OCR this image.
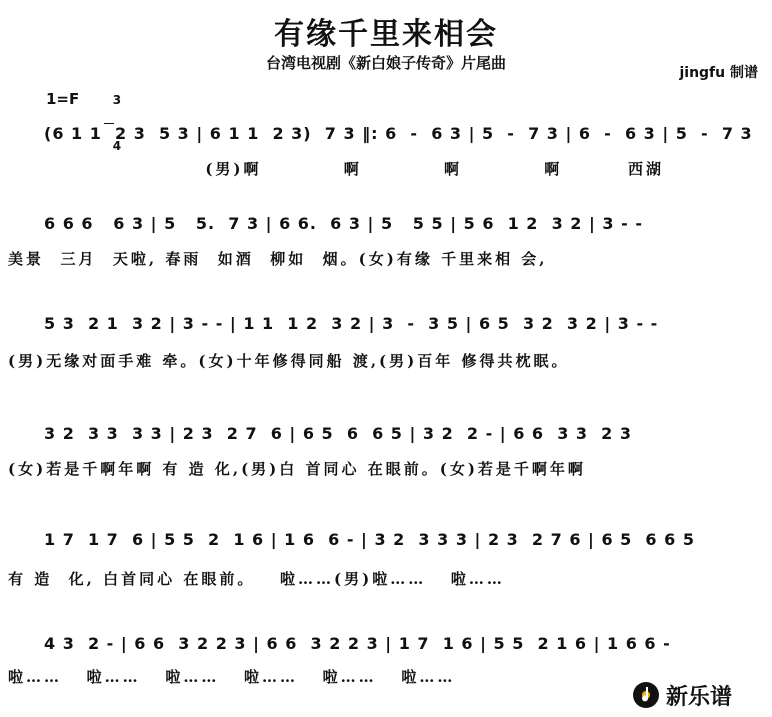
有缘千里来相会
台湾电视剧《新白娘子传奇》片尾曲
jingfu 制谱
1=F	3

4

(6 1 1  2 3  5 3 | 6 1 1  2 3)  7 3 ‖: 6  -  6 3 | 5  -  7 3 | 6  -  6 3 | 5  -  7 3
(男)啊          啊          啊          啊        西湖
6 6 6   6 3 | 5   5.  7 3 | 6 6.  6 3 | 5   5 5 | 5 6  1 2  3 2 | 3 - -
美景  三月  天啦, 春雨  如酒  柳如  烟。(女)有缘 千里来相 会,
5 3  2 1  3 2 | 3 - - | 1 1  1 2  3 2 | 3  -  3 5 | 6 5  3 2  3 2 | 3 - -
(男)无缘对面手难 牵。(女)十年修得同船 渡,(男)百年 修得共枕眠。
3 2  3 3  3 3 | 2 3  2 7  6 | 6 5  6  6 5 | 3 2  2 - | 6 6  3 3  2 3
(女)若是千啊年啊 有 造 化,(男)白 首同心 在眼前。(女)若是千啊年啊
1 7  1 7  6 | 5 5  2  1 6 | 1 6  6 - | 3 2  3 3 3 | 2 3  2 7 6 | 6 5  6 6 5
有 造  化, 白首同心 在眼前。   啦……(男)啦……   啦……
4 3  2 - | 6 6  3 2 2 3 | 6 6  3 2 2 3 | 1 7  1 6 | 5 5  2 1 6 | 1 6 6 -
啦……   啦……   啦……   啦……   啦……   啦……
新乐谱
